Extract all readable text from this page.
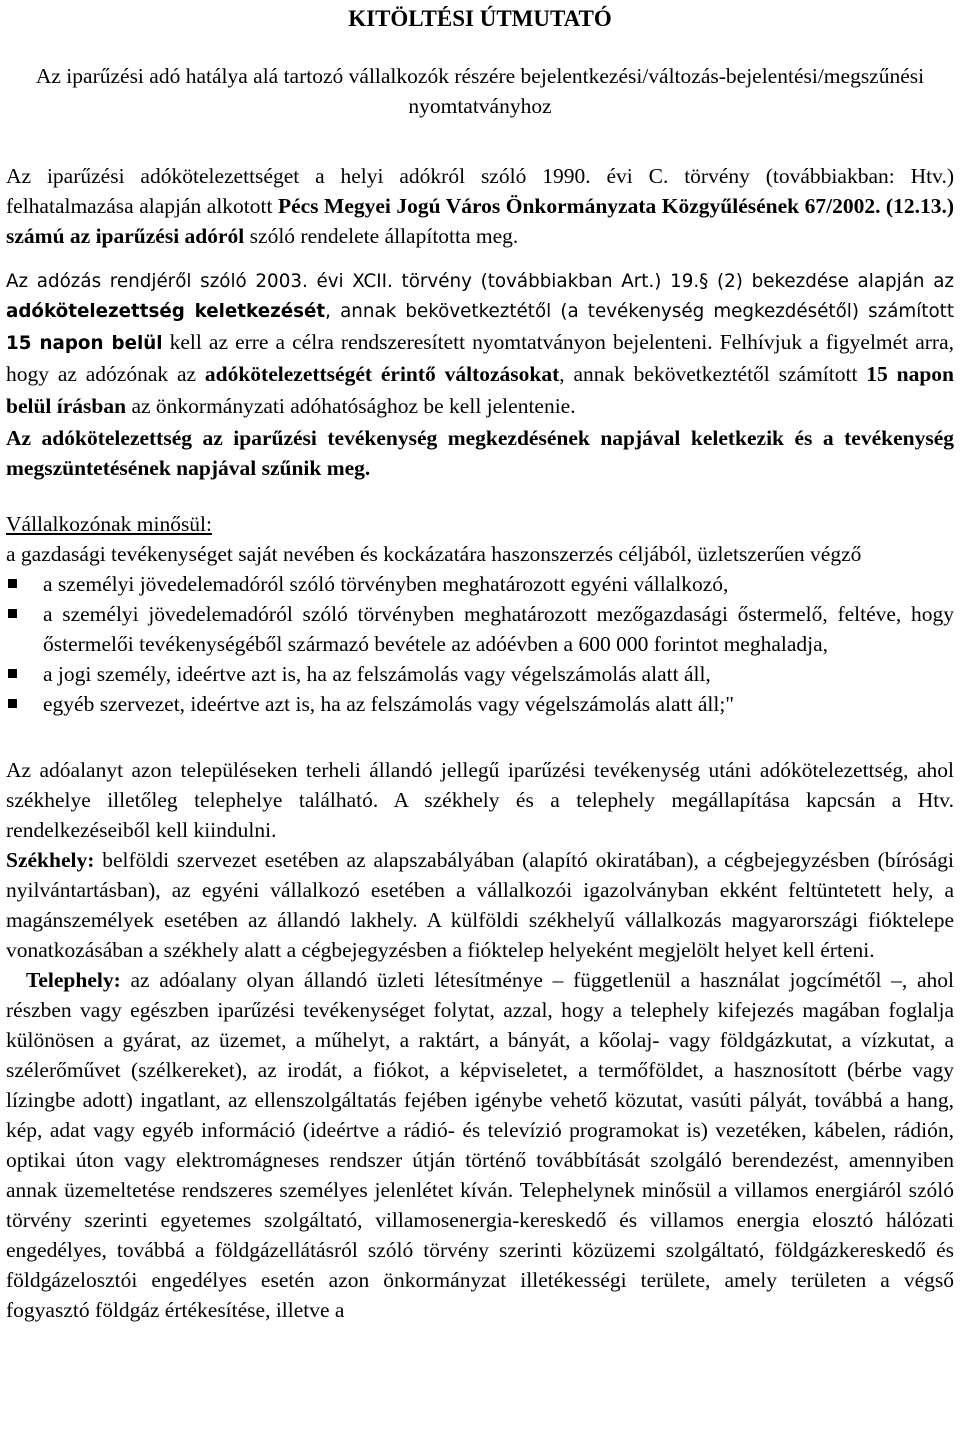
KITÖLTÉSI ÚTMUTATÓ
Az iparűzési adó hatálya alá tartozó vállalkozók részére bejelentkezési/változás-bejelentési/megszűnési nyomtatványhoz

Az iparűzési adókötelezettséget a helyi adókról szóló 1990. évi C. törvény (továbbiakban: Htv.) felhatalmazása alapján alkotott Pécs Megyei Jogú Város Önkormányzata Közgyűlésének 67/2002. (12.13.) számú az iparűzési adóról szóló rendelete állapította meg.

Az adózás rendjéről szóló 2003. évi XCII. törvény (továbbiakban Art.) 19.§ (2) bekezdése alapján az adókötelezettség keletkezését, annak bekövetkeztétől (a tevékenység megkezdésétől) számított 15 napon belül kell az erre a célra rendszeresített nyomtatványon bejelenteni. Felhívjuk a figyelmét arra, hogy az adózónak az adókötelezettségét érintő változásokat, annak bekövetkeztétől számított 15 napon belül írásban az önkormányzati adóhatósághoz be kell jelentenie.

Az adókötelezettség az iparűzési tevékenység megkezdésének napjával keletkezik és a tevékenység megszüntetésének napjával szűnik meg.

Vállalkozónak minősül:

a gazdasági tevékenységet saját nevében és kockázatára haszonszerzés céljából, üzletszerűen végző

a személyi jövedelemadóról szóló törvényben meghatározott egyéni vállalkozó,
a személyi jövedelemadóról szóló törvényben meghatározott mezőgazdasági őstermelő, feltéve, hogy őstermelői tevékenységéből származó bevétele az adóévben a 600 000 forintot meghaladja,
a jogi személy, ideértve azt is, ha az felszámolás vagy végelszámolás alatt áll,
egyéb szervezet, ideértve azt is, ha az felszámolás vagy végelszámolás alatt áll;"

Az adóalanyt azon településeken terheli állandó jellegű iparűzési tevékenység utáni adókötelezettség, ahol székhelye illetőleg telephelye található. A székhely és a telephely megállapítása kapcsán a Htv. rendelkezéseiből kell kiindulni.

Székhely: belföldi szervezet esetében az alapszabályában (alapító okiratában), a cégbejegyzésben (bírósági nyilvántartásban), az egyéni vállalkozó esetében a vállalkozói igazolványban ekként feltüntetett hely, a magánszemélyek esetében az állandó lakhely. A külföldi székhelyű vállalkozás magyarországi fióktelepe vonatkozásában a székhely alatt a cégbejegyzésben a fióktelep helyeként megjelölt helyet kell érteni.

Telephely: az adóalany olyan állandó üzleti létesítménye – függetlenül a használat jogcímétől –, ahol részben vagy egészben iparűzési tevékenységet folytat, azzal, hogy a telephely kifejezés magában foglalja különösen a gyárat, az üzemet, a műhelyt, a raktárt, a bányát, a kőolaj- vagy földgázkutat, a vízkutat, a szélerőművet (szélkereket), az irodát, a fiókot, a képviseletet, a termőföldet, a hasznosított (bérbe vagy lízingbe adott) ingatlant, az ellenszolgáltatás fejében igénybe vehető közutat, vasúti pályát, továbbá a hang, kép, adat vagy egyéb információ (ideértve a rádió- és televízió programokat is) vezetéken, kábelen, rádión, optikai úton vagy elektromágneses rendszer útján történő továbbítását szolgáló berendezést, amennyiben annak üzemeltetése rendszeres személyes jelenlétet kíván. Telephelynek minősül a villamos energiáról szóló törvény szerinti egyetemes szolgáltató, villamosenergia-kereskedő és villamos energia elosztó hálózati engedélyes, továbbá a földgázellátásról szóló törvény szerinti közüzemi szolgáltató, földgázkereskedő és földgázelosztói engedélyes esetén azon önkormányzat illetékességi területe, amely területen a végső fogyasztó földgáz értékesítése, illetve a
